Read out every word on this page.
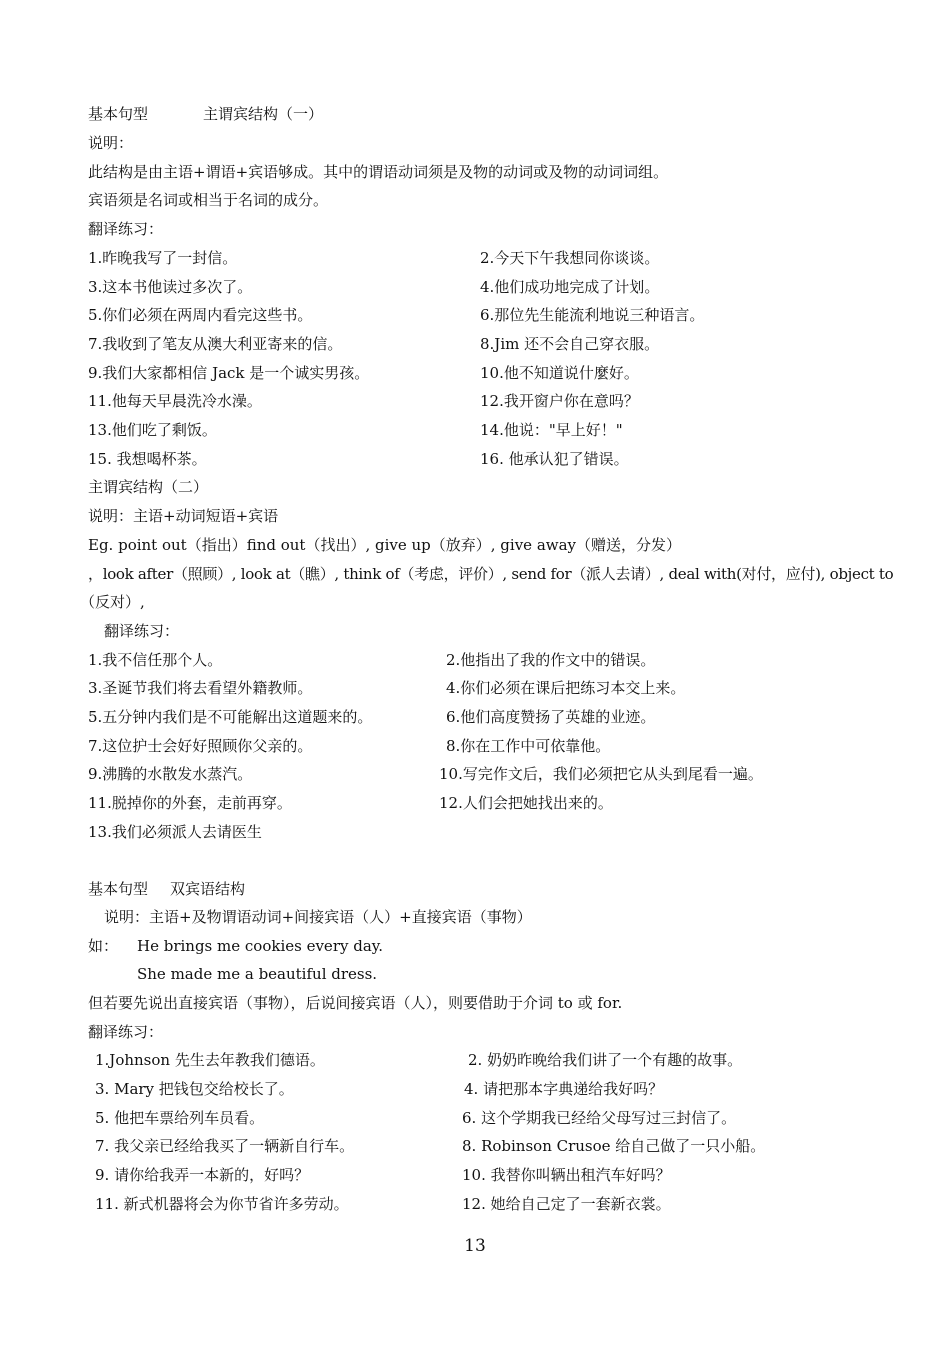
基本句型	主谓宾结构（一）
说明：
此结构是由主语+谓语+宾语够成。其中的谓语动词须是及物的动词或及物的动词词组。
宾语须是名词或相当于名词的成分。
翻译练习：
1.昨晚我写了一封信。	2.今天下午我想同你谈谈。
3.这本书他读过多次了。	4.他们成功地完成了计划。
5.你们必须在两周内看完这些书。	6.那位先生能流利地说三种语言。
7.我收到了笔友从澳大利亚寄来的信。	8.Jim 还不会自己穿衣服。
9.我们大家都相信 Jack 是一个诚实男孩。	10.他不知道说什麼好。
11.他每天早晨洗冷水澡。	12.我开窗户你在意吗？
13.他们吃了剩饭。	14.他说："早上好！"
15. 我想喝杯茶。	16. 他承认犯了错误。
主谓宾结构（二）
说明：主语+动词短语+宾语
Eg. point out（指出）find out（找出）, give up（放弃）, give away（赠送，分发）
，look after（照顾）, look at（瞧）, think of（考虑，评价）, send for（派人去请）, deal with(对付，应付), object to
（反对）,
翻译练习：
1.我不信任那个人。	2.他指出了我的作文中的错误。
3.圣诞节我们将去看望外籍教师。	4.你们必须在课后把练习本交上来。
5.五分钟内我们是不可能解出这道题来的。	6.他们高度赞扬了英雄的业迹。
7.这位护士会好好照顾你父亲的。	8.你在工作中可依靠他。
9.沸腾的水散发水蒸汽。	10.写完作文后，我们必须把它从头到尾看一遍。
11.脱掉你的外套，走前再穿。	12.人们会把她找出来的。
13.我们必须派人去请医生
基本句型 双宾语结构
说明：主语+及物谓语动词+间接宾语（人）+直接宾语（事物）
如： He brings me cookies every day.
She made me a beautiful dress.
但若要先说出直接宾语（事物），后说间接宾语（人），则要借助于介词 to 或 for.
翻译练习：
1.Johnson 先生去年教我们德语。	2. 奶奶昨晚给我们讲了一个有趣的故事。
3. Mary 把钱包交给校长了。	4. 请把那本字典递给我好吗？
5. 他把车票给列车员看。	6. 这个学期我已经给父母写过三封信了。
7. 我父亲已经给我买了一辆新自行车。	8. Robinson Crusoe 给自己做了一只小船。
9. 请你给我弄一本新的，好吗？	10. 我替你叫辆出租汽车好吗？
11. 新式机器将会为你节省许多劳动。	12. 她给自己定了一套新衣裳。
13
